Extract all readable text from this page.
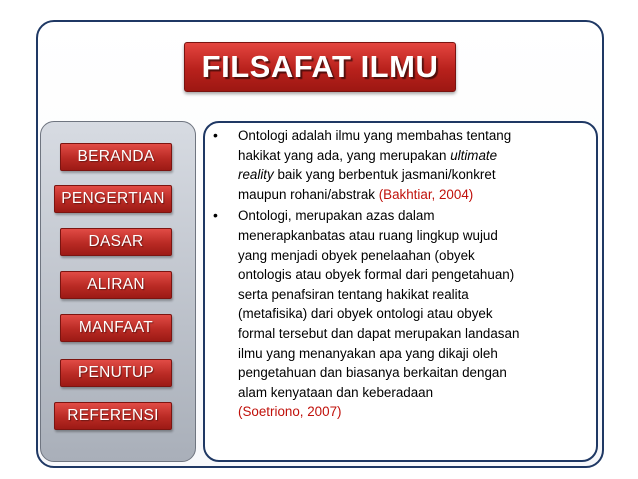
FILSAFAT ILMU
BERANDA
PENGERTIAN
DASAR
ALIRAN
MANFAAT
PENUTUP
REFERENSI
• Ontologi adalah ilmu yang membahas tentang
hakikat yang ada, yang merupakan ultimate
reality baik yang berbentuk jasmani/konkret
maupun rohani/abstrak (Bakhtiar, 2004)
• Ontologi, merupakan azas dalam
menerapkanbatas atau ruang lingkup wujud
yang menjadi obyek penelaahan (obyek
ontologis atau obyek formal dari pengetahuan)
serta penafsiran tentang hakikat realita
(metafisika) dari obyek ontologi atau obyek
formal tersebut dan dapat merupakan landasan
ilmu yang menanyakan apa yang dikaji oleh
pengetahuan dan biasanya berkaitan dengan
alam kenyataan dan keberadaan
(Soetriono, 2007)
